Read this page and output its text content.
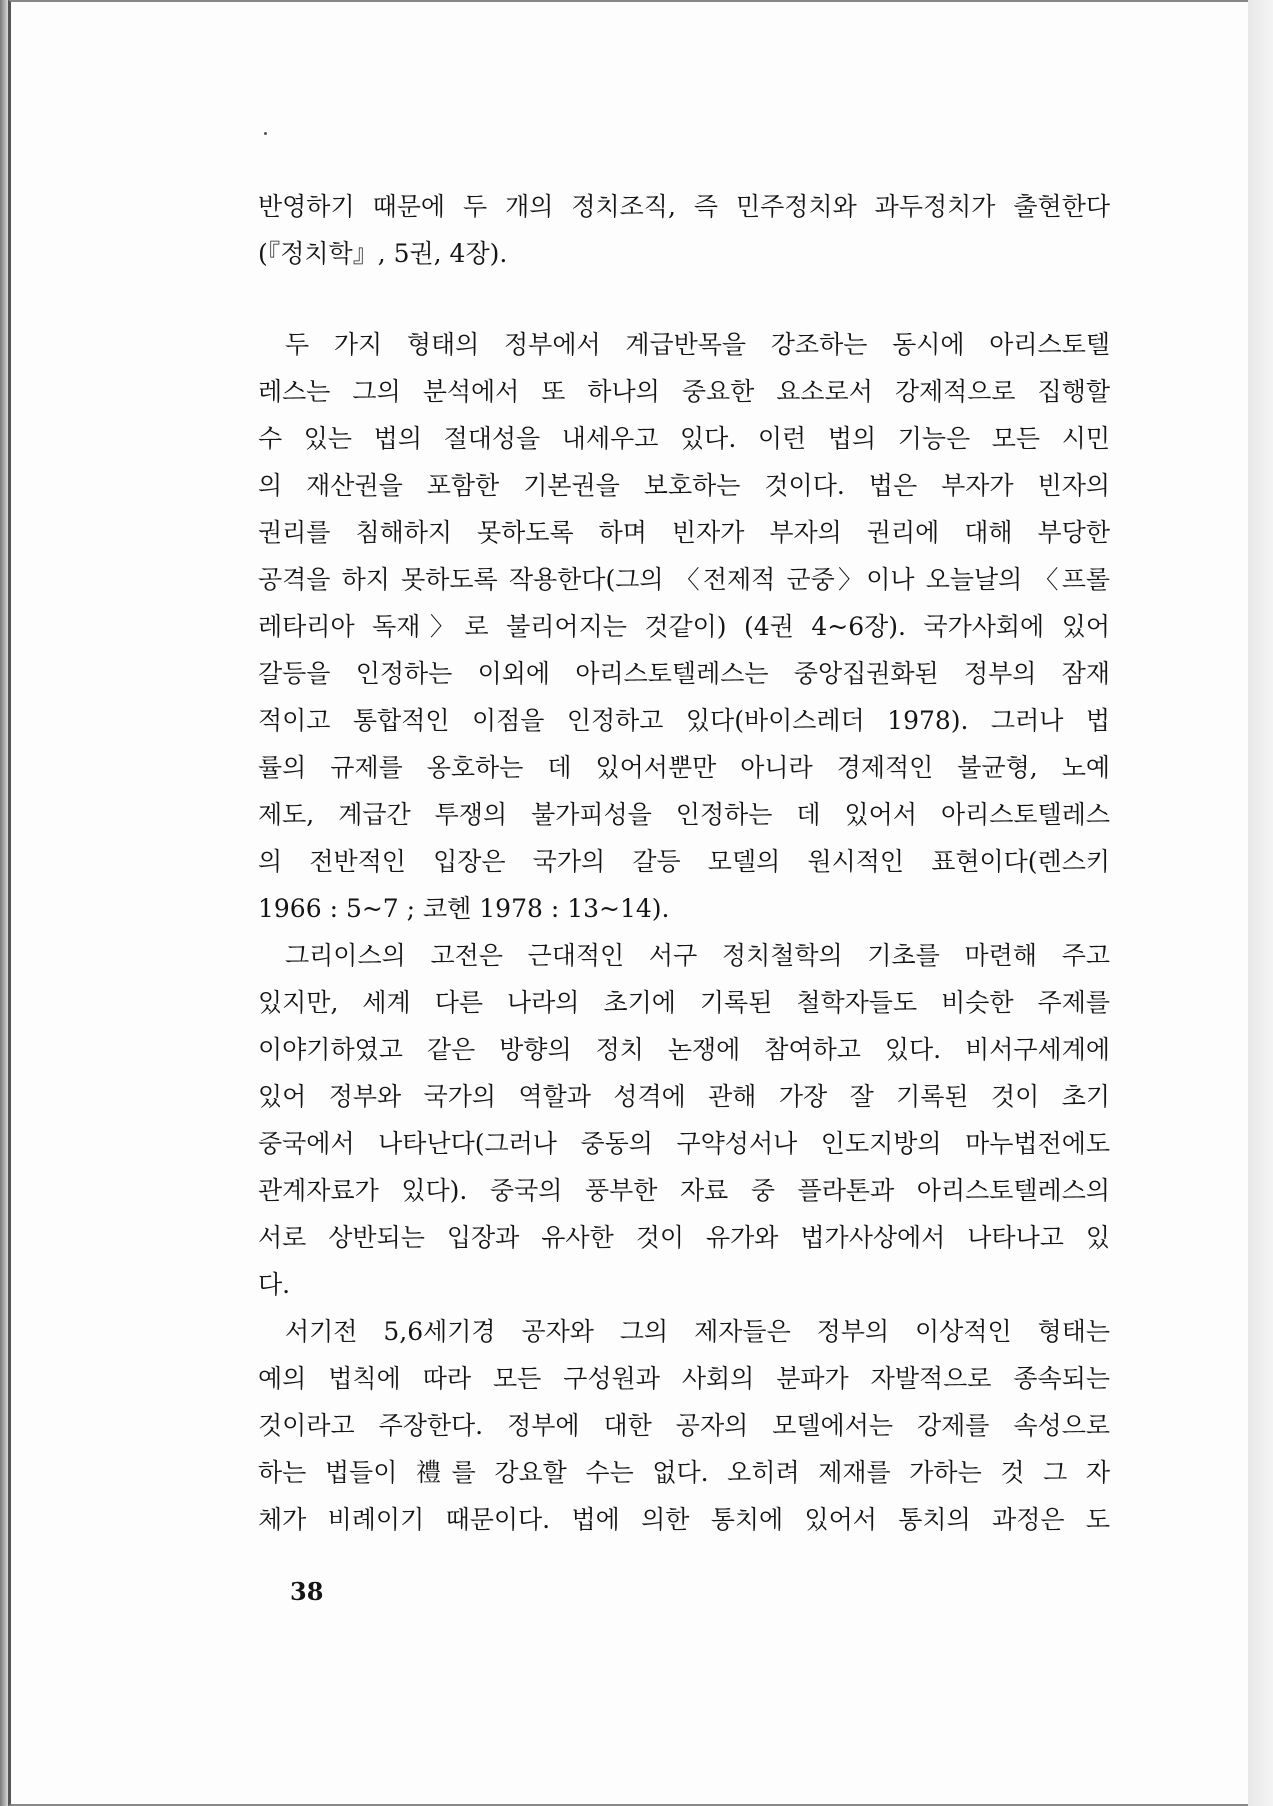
반영하기 때문에 두 개의 정치조직, 즉 민주정치와 과두정치가 출현한다
(『정치학』, 5권, 4장).
두 가지 형태의 정부에서 계급반목을 강조하는 동시에 아리스토텔
레스는 그의 분석에서 또 하나의 중요한 요소로서 강제적으로 집행할
수 있는 법의 절대성을 내세우고 있다. 이런 법의 기능은 모든 시민
의 재산권을 포함한 기본권을 보호하는 것이다. 법은 부자가 빈자의
권리를 침해하지 못하도록 하며 빈자가 부자의 권리에 대해 부당한
공격을 하지 못하도록 작용한다(그의 〈전제적 군중〉이나 오늘날의 〈프롤
레타리아 독재〉로 불리어지는 것같이) (4권 4~6장). 국가사회에 있어
갈등을 인정하는 이외에 아리스토텔레스는 중앙집권화된 정부의 잠재
적이고 통합적인 이점을 인정하고 있다(바이스레더 1978). 그러나 법
률의 규제를 옹호하는 데 있어서뿐만 아니라 경제적인 불균형, 노예
제도, 계급간 투쟁의 불가피성을 인정하는 데 있어서 아리스토텔레스
의 전반적인 입장은 국가의 갈등 모델의 원시적인 표현이다(렌스키
1966 : 5~7 ; 코헨 1978 : 13~14).
그리이스의 고전은 근대적인 서구 정치철학의 기초를 마련해 주고
있지만, 세계 다른 나라의 초기에 기록된 철학자들도 비슷한 주제를
이야기하였고 같은 방향의 정치 논쟁에 참여하고 있다. 비서구세계에
있어 정부와 국가의 역할과 성격에 관해 가장 잘 기록된 것이 초기
중국에서 나타난다(그러나 중동의 구약성서나 인도지방의 마누법전에도
관계자료가 있다). 중국의 풍부한 자료 중 플라톤과 아리스토텔레스의
서로 상반되는 입장과 유사한 것이 유가와 법가사상에서 나타나고 있
다.
서기전 5,6세기경 공자와 그의 제자들은 정부의 이상적인 형태는
예의 법칙에 따라 모든 구성원과 사회의 분파가 자발적으로 종속되는
것이라고 주장한다. 정부에 대한 공자의 모델에서는 강제를 속성으로
하는 법들이 禮를 강요할 수는 없다. 오히려 제재를 가하는 것 그 자
체가 비례이기 때문이다. 법에 의한 통치에 있어서 통치의 과정은 도
38
